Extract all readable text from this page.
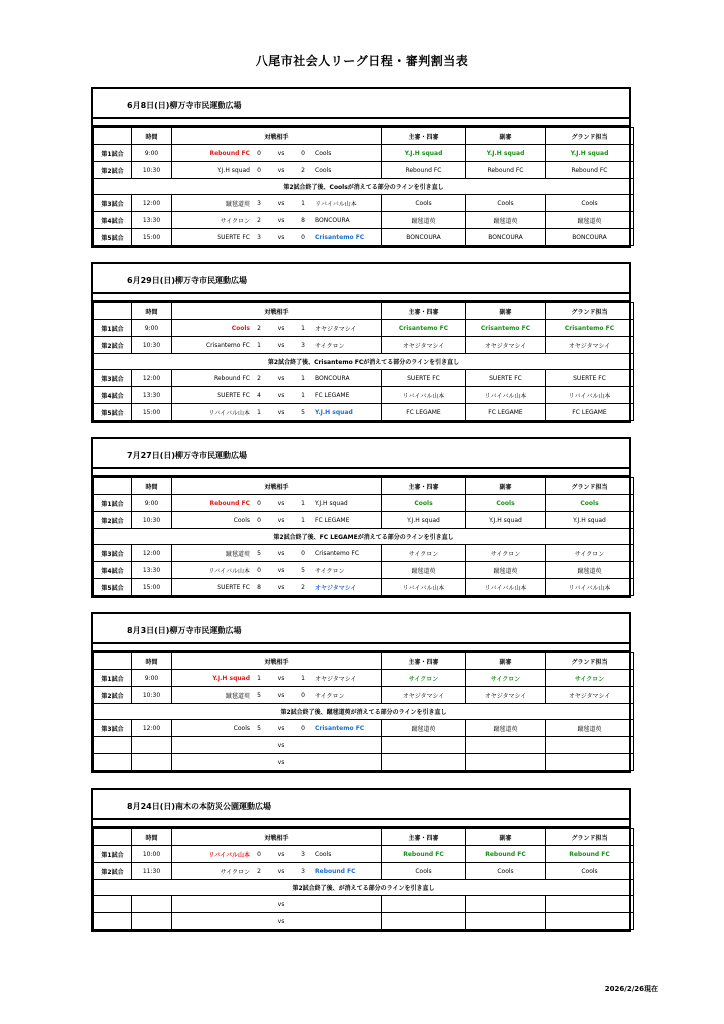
八尾市社会人リーグ日程・審判割当表
6月8日(日)柳万寺市民運動広場
	時間	対戦相手	主審・四審	副審	グランド担当
第1試合	9:00	Rebound FC 0 vs 0 Cools	Y.J.H squad	Y.J.H squad	Y.J.H squad
第2試合	10:30	Y.J.H squad 0 vs 2 Cools	Rebound FC	Rebound FC	Rebound FC
第2試合終了後、Coolsが消えてる部分のラインを引き直し					
第3試合	12:00	蹴毬道萸 3 vs 1 リバイバル山本	Cools	Cools	Cools
第4試合	13:30	サイクロン 2 vs 8 BONCOURA	蹴毬道萸	蹴毬道萸	蹴毬道萸
第5試合	15:00	SUERTE FC 3 vs 0 Crisantemo FC	BONCOURA	BONCOURA	BONCOURA
6月29日(日)柳万寺市民運動広場
	時間	対戦相手	主審・四審	副審	グランド担当
第1試合	9:00	Cools 2 vs 1 オヤジタマシイ	Crisantemo FC	Crisantemo FC	Crisantemo FC
第2試合	10:30	Crisantemo FC 1 vs 3 サイクロン	オヤジタマシイ	オヤジタマシイ	オヤジタマシイ
第2試合終了後、Crisantemo FCが消えてる部分のラインを引き直し					
第3試合	12:00	Rebound FC 2 vs 1 BONCOURA	SUERTE FC	SUERTE FC	SUERTE FC
第4試合	13:30	SUERTE FC 4 vs 1 FC LEGAME	リバイバル山本	リバイバル山本	リバイバル山本
第5試合	15:00	リバイバル山本 1 vs 5 Y.J.H squad	FC LEGAME	FC LEGAME	FC LEGAME
7月27日(日)柳万寺市民運動広場
	時間	対戦相手	主審・四審	副審	グランド担当
第1試合	9:00	Rebound FC 0 vs 1 Y.J.H squad	Cools	Cools	Cools
第2試合	10:30	Cools 0 vs 1 FC LEGAME	Y.J.H squad	Y.J.H squad	Y.J.H squad
第2試合終了後、FC LEGAMEが消えてる部分のラインを引き直し					
第3試合	12:00	蹴毬道萸 5 vs 0 Crisantemo FC	サイクロン	サイクロン	サイクロン
第4試合	13:30	リバイバル山本 0 vs 5 サイクロン	蹴毬道萸	蹴毬道萸	蹴毬道萸
第5試合	15:00	SUERTE FC 8 vs 2 オヤジタマシイ	リバイバル山本	リバイバル山本	リバイバル山本
8月3日(日)柳万寺市民運動広場
	時間	対戦相手	主審・四審	副審	グランド担当
第1試合	9:00	Y.J.H squad 1 vs 1 オヤジタマシイ	サイクロン	サイクロン	サイクロン
第2試合	10:30	蹴毬道萸 5 vs 0 サイクロン	オヤジタマシイ	オヤジタマシイ	オヤジタマシイ
第2試合終了後、蹴毬道萸が消えてる部分のラインを引き直し					
第3試合	12:00	Cools 5 vs 0 Crisantemo FC	蹴毬道萸	蹴毬道萸	蹴毬道萸

		vs			

		vs			

8月24日(日)南木の本防災公園運動広場
	時間	対戦相手	主審・四審	副審	グランド担当
第1試合	10:00	リバイバル山本 0 vs 3 Cools	Rebound FC	Rebound FC	Rebound FC
第2試合	11:30	サイクロン 2 vs 3 Rebound FC	Cools	Cools	Cools
第2試合終了後、が消えてる部分のラインを引き直し					

		vs			

		vs			

2026/2/26現在
